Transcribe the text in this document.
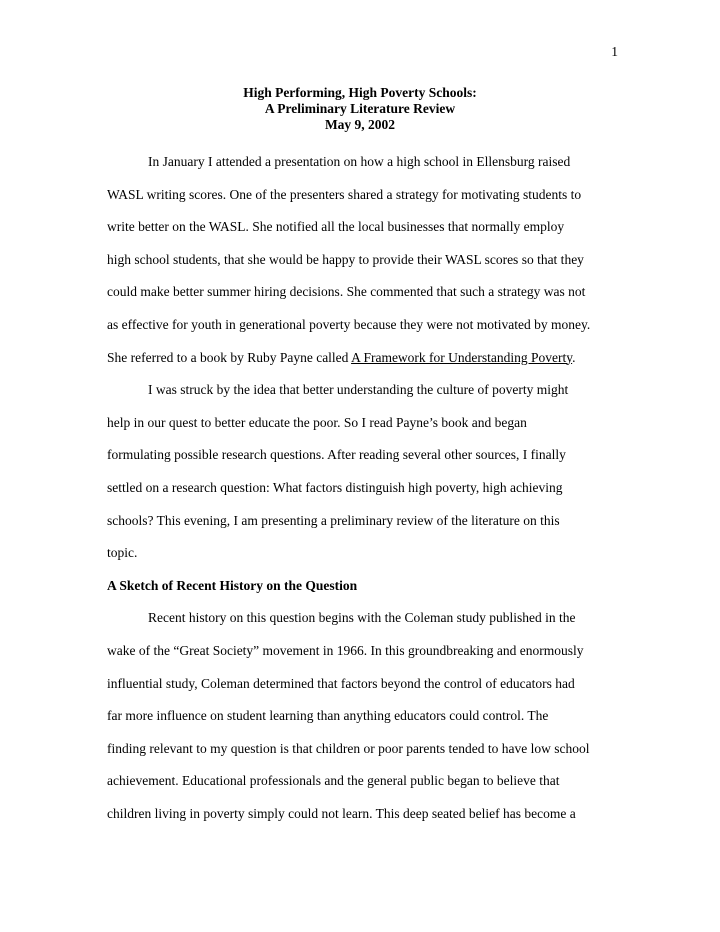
1
High Performing, High Poverty Schools:
A Preliminary Literature Review
May 9, 2002
In January I attended a presentation on how a high school in Ellensburg raised
WASL writing scores. One of the presenters shared a strategy for motivating students to
write better on the WASL. She notified all the local businesses that normally employ
high school students, that she would be happy to provide their WASL scores so that they
could make better summer hiring decisions. She commented that such a strategy was not
as effective for youth in generational poverty because they were not motivated by money.
She referred to a book by Ruby Payne called A Framework for Understanding Poverty.
I was struck by the idea that better understanding the culture of poverty might
help in our quest to better educate the poor. So I read Payne’s book and began
formulating possible research questions. After reading several other sources, I finally
settled on a research question: What factors distinguish high poverty, high achieving
schools? This evening, I am presenting a preliminary review of the literature on this
topic.
A Sketch of Recent History on the Question
Recent history on this question begins with the Coleman study published in the
wake of the “Great Society” movement in 1966. In this groundbreaking and enormously
influential study, Coleman determined that factors beyond the control of educators had
far more influence on student learning than anything educators could control. The
finding relevant to my question is that children or poor parents tended to have low school
achievement. Educational professionals and the general public began to believe that
children living in poverty simply could not learn. This deep seated belief has become a
